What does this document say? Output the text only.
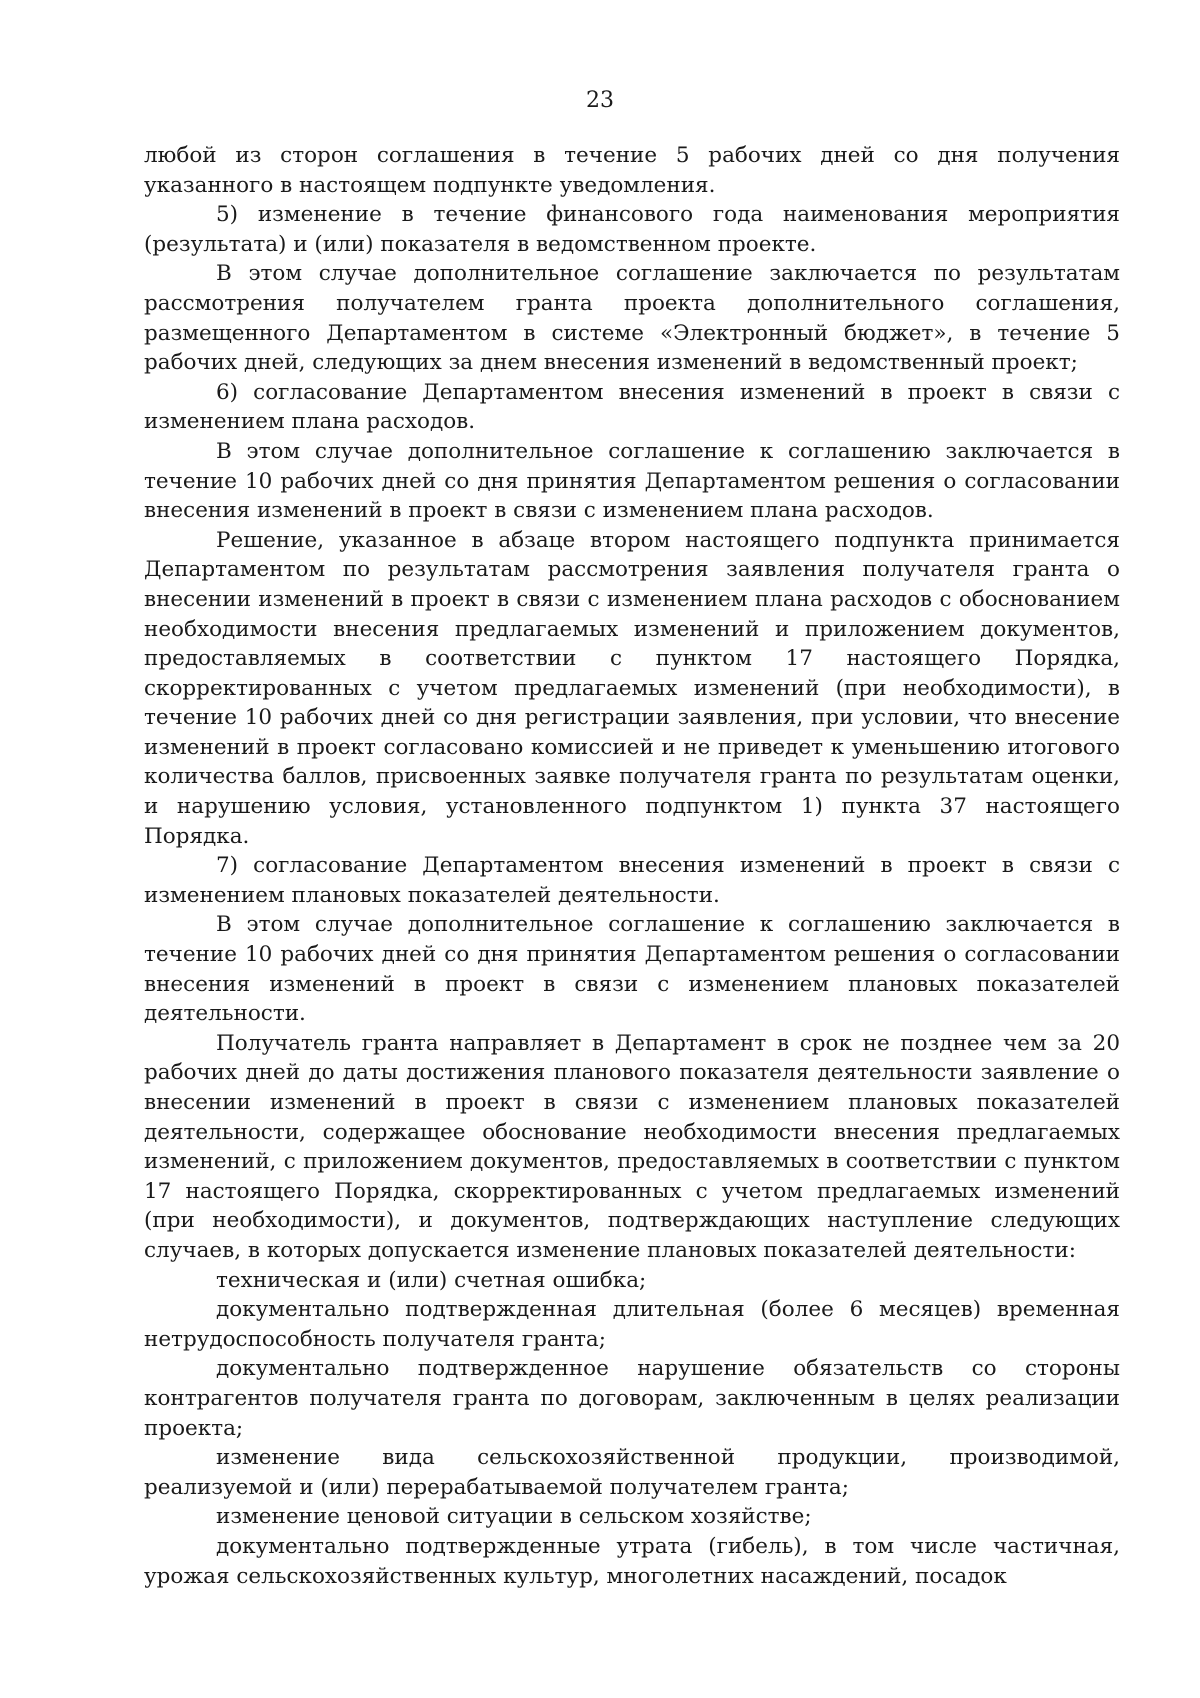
23

любой из сторон соглашения в течение 5 рабочих дней со дня получения указанного в настоящем подпункте уведомления.

5) изменение в течение финансового года наименования мероприятия (результата) и (или) показателя в ведомственном проекте.

В этом случае дополнительное соглашение заключается по результатам рассмотрения получателем гранта проекта дополнительного соглашения, размещенного Департаментом в системе «Электронный бюджет», в течение 5 рабочих дней, следующих за днем внесения изменений в ведомственный проект;

6) согласование Департаментом внесения изменений в проект в связи с изменением плана расходов.

В этом случае дополнительное соглашение к соглашению заключается в течение 10 рабочих дней со дня принятия Департаментом решения о согласовании внесения изменений в проект в связи с изменением плана расходов.

Решение, указанное в абзаце втором настоящего подпункта принимается Департаментом по результатам рассмотрения заявления получателя гранта о внесении изменений в проект в связи с изменением плана расходов с обоснованием необходимости внесения предлагаемых изменений и приложением документов, предоставляемых в соответствии с пунктом 17 настоящего Порядка, скорректированных с учетом предлагаемых изменений (при необходимости), в течение 10 рабочих дней со дня регистрации заявления, при условии, что внесение изменений в проект согласовано комиссией и не приведет к уменьшению итогового количества баллов, присвоенных заявке получателя гранта по результатам оценки, и нарушению условия, установленного подпунктом 1) пункта 37 настоящего Порядка.

7) согласование Департаментом внесения изменений в проект в связи с изменением плановых показателей деятельности.

В этом случае дополнительное соглашение к соглашению заключается в течение 10 рабочих дней со дня принятия Департаментом решения о согласовании внесения изменений в проект в связи с изменением плановых показателей деятельности.

Получатель гранта направляет в Департамент в срок не позднее чем за 20 рабочих дней до даты достижения планового показателя деятельности заявление о внесении изменений в проект в связи с изменением плановых показателей деятельности, содержащее обоснование необходимости внесения предлагаемых изменений, с приложением документов, предоставляемых в соответствии с пунктом 17 настоящего Порядка, скорректированных с учетом предлагаемых изменений (при необходимости), и документов, подтверждающих наступление следующих случаев, в которых допускается изменение плановых показателей деятельности:

техническая и (или) счетная ошибка;

документально подтвержденная длительная (более 6 месяцев) временная нетрудоспособность получателя гранта;

документально подтвержденное нарушение обязательств со стороны контрагентов получателя гранта по договорам, заключенным в целях реализации проекта;

изменение вида сельскохозяйственной продукции, производимой, реализуемой и (или) перерабатываемой получателем гранта;

изменение ценовой ситуации в сельском хозяйстве;

документально подтвержденные утрата (гибель), в том числе частичная, урожая сельскохозяйственных культур, многолетних насаждений, посадок
